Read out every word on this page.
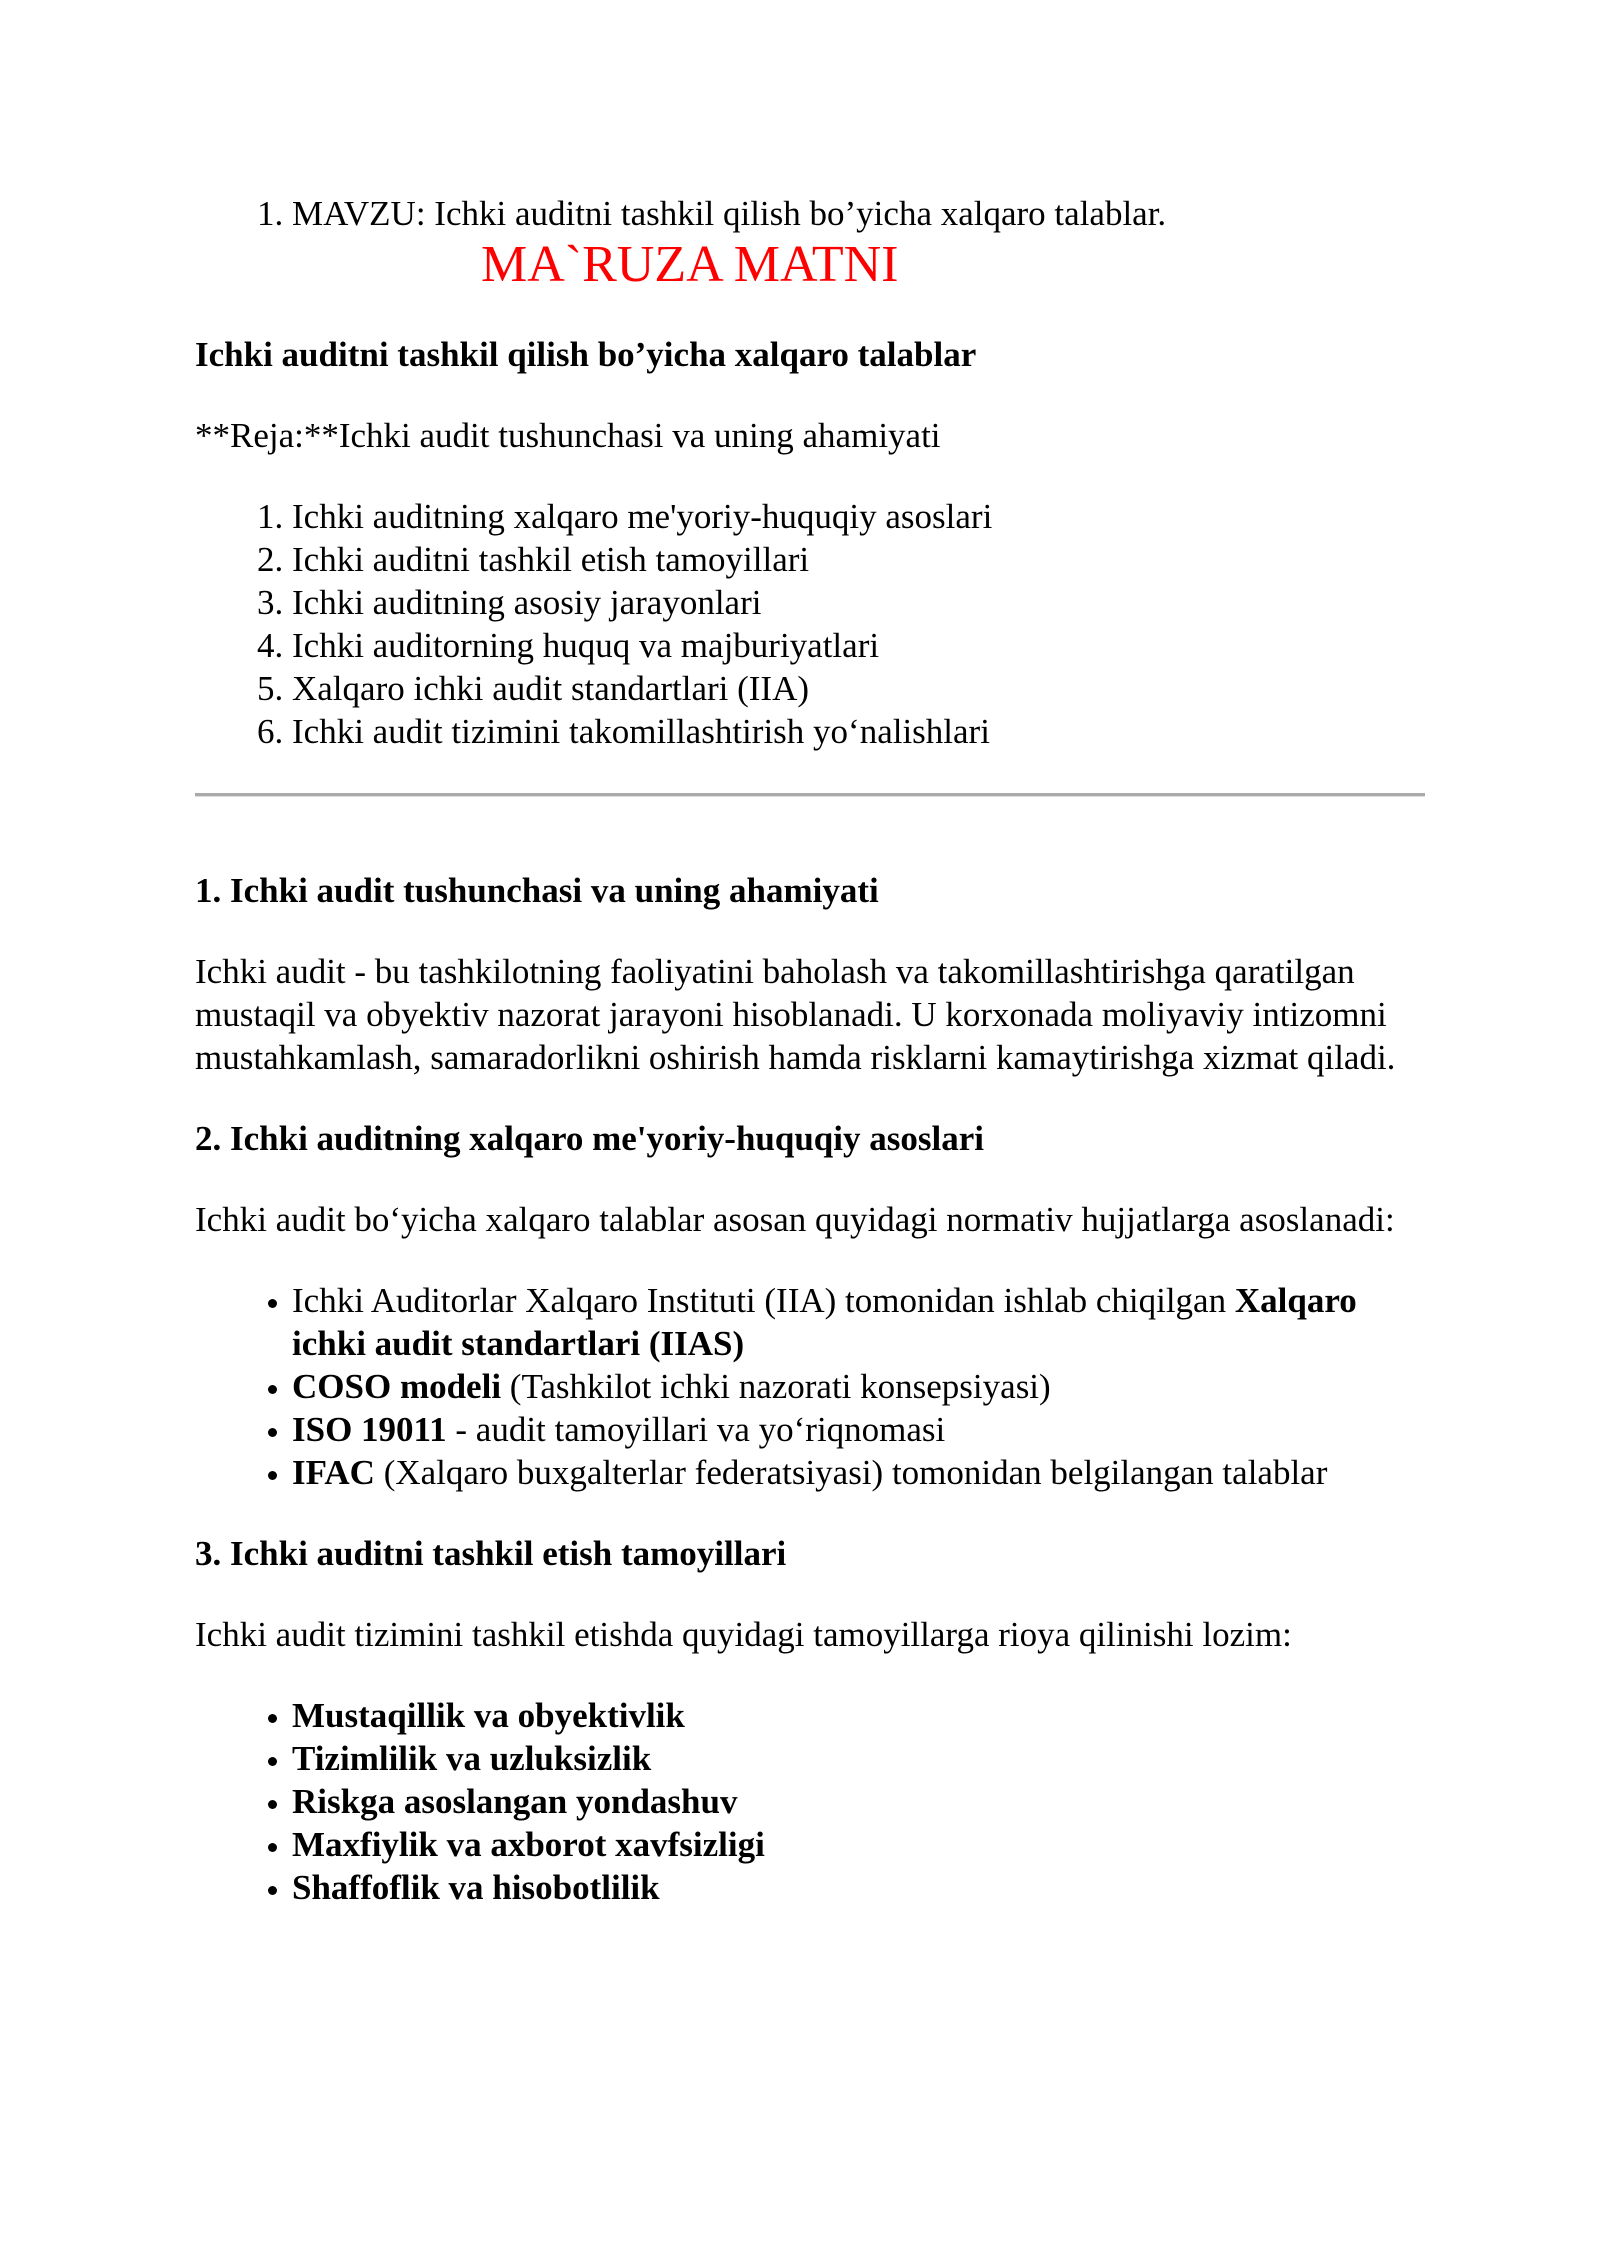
1. MAVZU: Ichki auditni tashkil qilish bo’yicha xalqaro talablar.
MA`RUZA MATNI

Ichki auditni tashkil qilish bo’yicha xalqaro talablar

**Reja:**Ichki audit tushunchasi va uning ahamiyati

1. Ichki auditning xalqaro me'yoriy-huquqiy asoslari
2. Ichki auditni tashkil etish tamoyillari
3. Ichki auditning asosiy jarayonlari
4. Ichki auditorning huquq va majburiyatlari
5. Xalqaro ichki audit standartlari (IIA)
6. Ichki audit tizimini takomillashtirish yo‘nalishlari

1. Ichki audit tushunchasi va uning ahamiyati

Ichki audit - bu tashkilotning faoliyatini baholash va takomillashtirishga qaratilgan mustaqil va obyektiv nazorat jarayoni hisoblanadi. U korxonada moliyaviy intizomni mustahkamlash, samaradorlikni oshirish hamda risklarni kamaytirishga xizmat qiladi.

2. Ichki auditning xalqaro me'yoriy-huquqiy asoslari

Ichki audit bo‘yicha xalqaro talablar asosan quyidagi normativ hujjatlarga asoslanadi:

• Ichki Auditorlar Xalqaro Instituti (IIA) tomonidan ishlab chiqilgan Xalqaro ichki audit standartlari (IIAS)
• COSO modeli (Tashkilot ichki nazorati konsepsiyasi)
• ISO 19011 - audit tamoyillari va yo‘riqnomasi
• IFAC (Xalqaro buxgalterlar federatsiyasi) tomonidan belgilangan talablar

3. Ichki auditni tashkil etish tamoyillari

Ichki audit tizimini tashkil etishda quyidagi tamoyillarga rioya qilinishi lozim:

• Mustaqillik va obyektivlik
• Tizimlilik va uzluksizlik
• Riskga asoslangan yondashuv
• Maxfiylik va axborot xavfsizligi
• Shaffoflik va hisobotlilik
